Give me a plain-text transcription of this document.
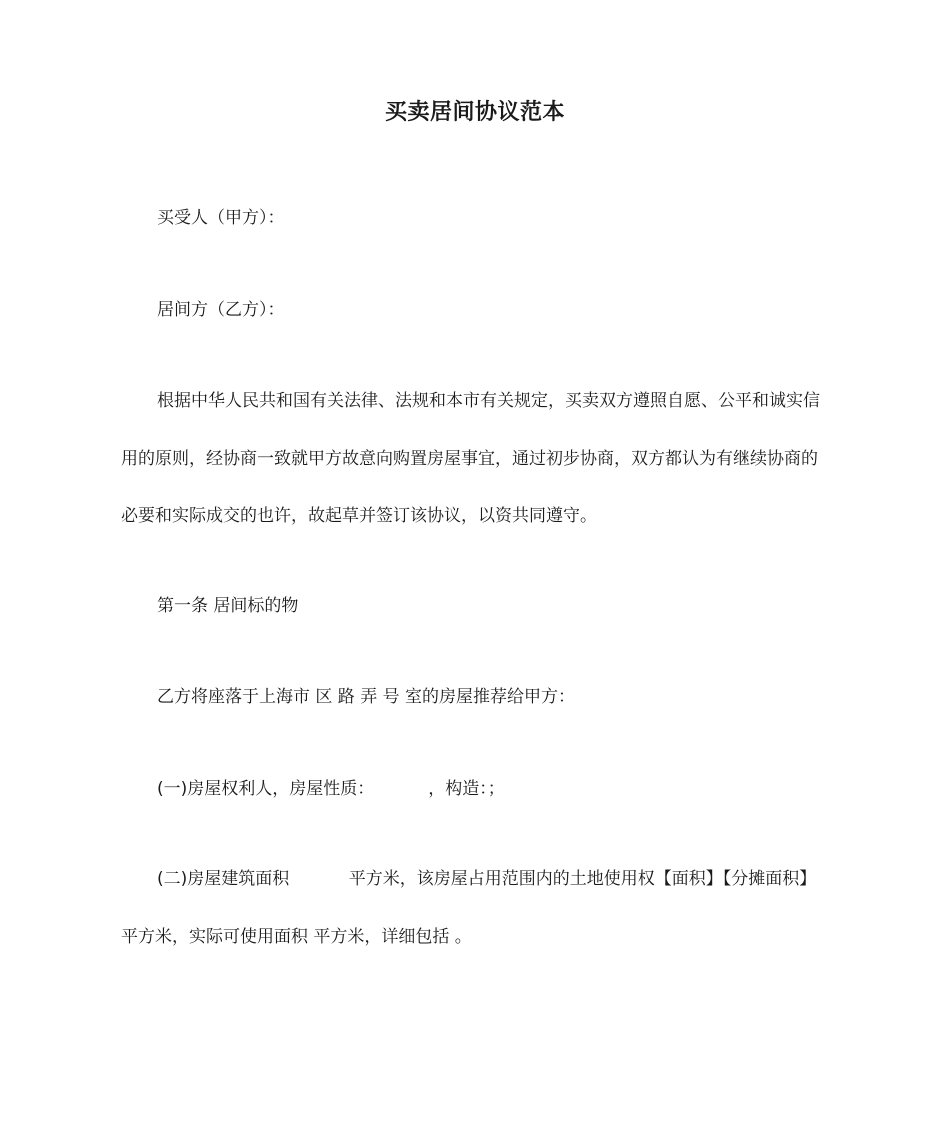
买卖居间协议范本

买受人（甲方）：

居间方（乙方）：

根据中华人民共和国有关法律、法规和本市有关规定，买卖双方遵照自愿、公平和诚实信用的原则，经协商一致就甲方故意向购置房屋事宜，通过初步协商，双方都认为有继续协商的必要和实际成交的也许，故起草并签订该协议，以资共同遵守。

第一条 居间标的物

乙方将座落于上海市 区 路 弄 号 室的房屋推荐给甲方：

(一)房屋权利人，房屋性质：          ，构造：；

(二)房屋建筑面积           平方米，该房屋占用范围内的土地使用权【面积】【分摊面积】      平方米，实际可使用面积 平方米，详细包括 。
